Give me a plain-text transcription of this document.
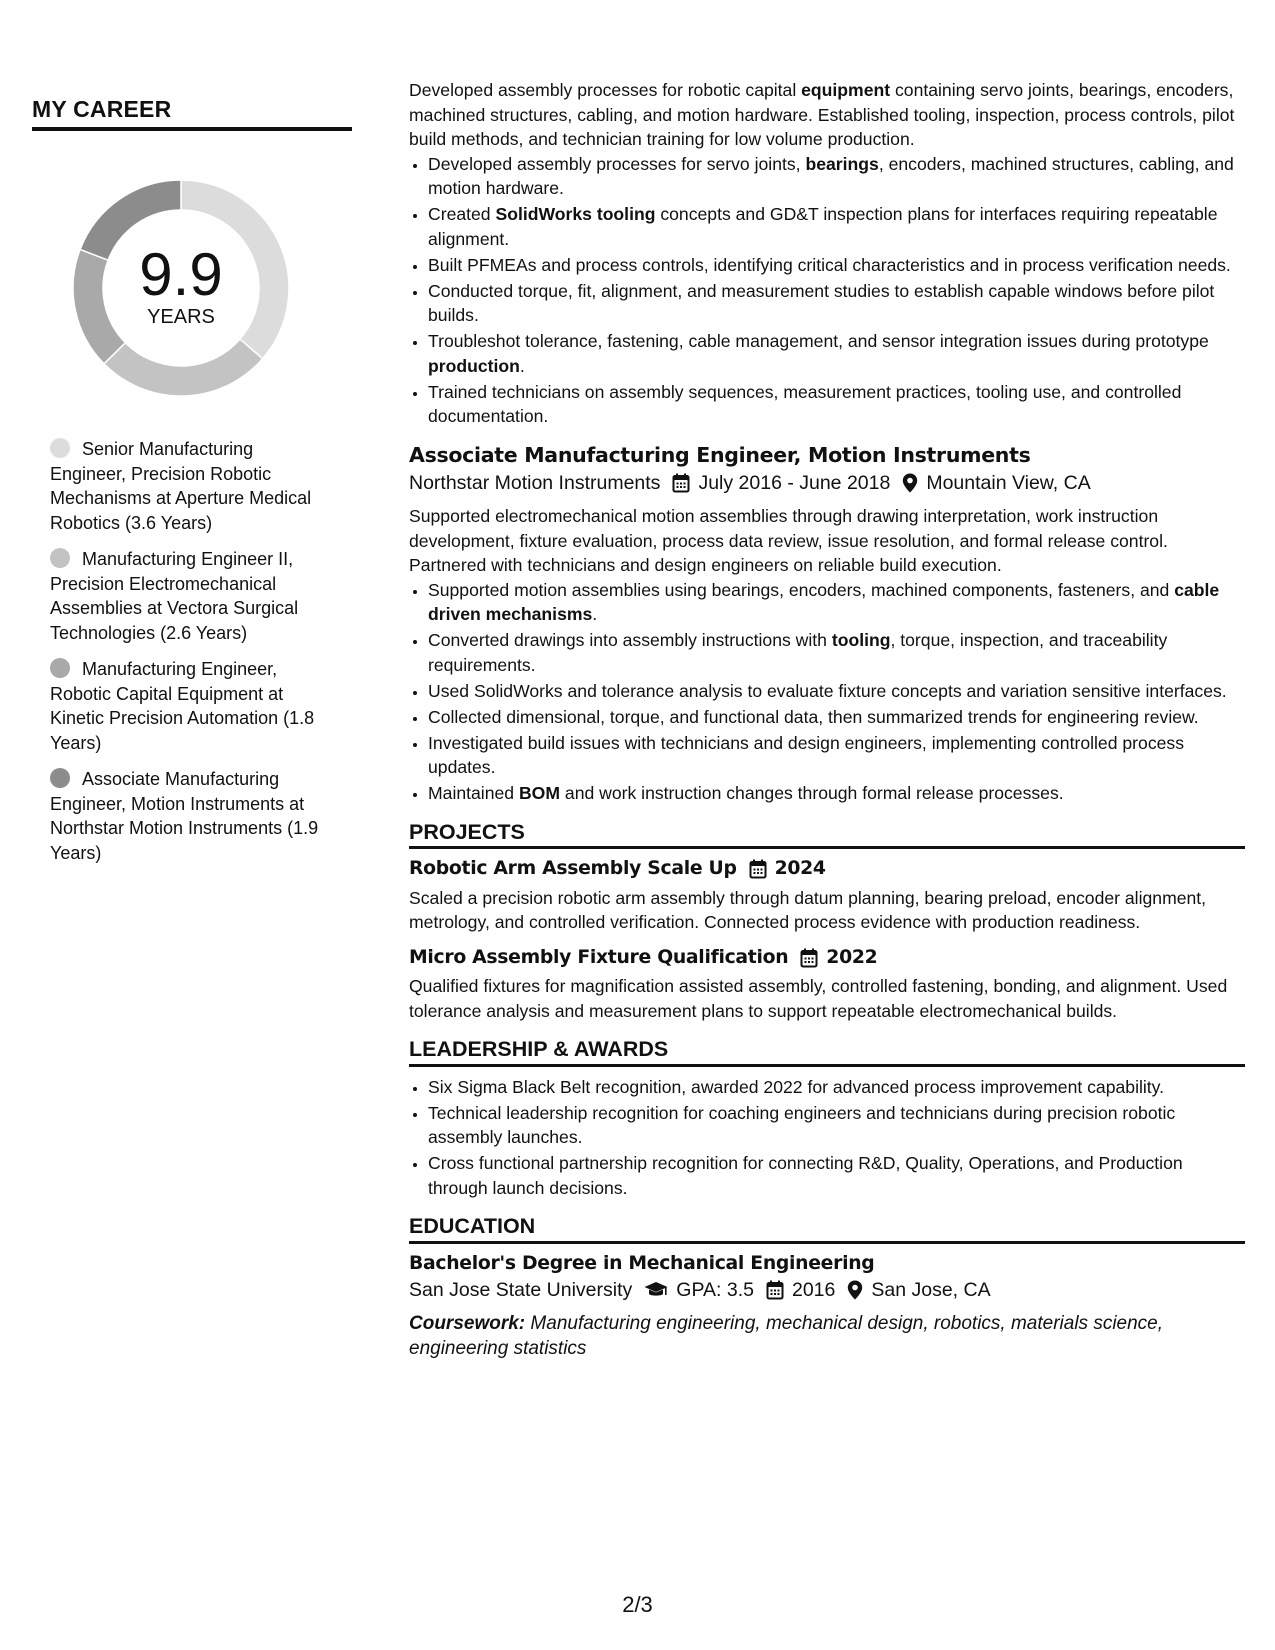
MY CAREER
9.9
YEARS
Senior Manufacturing Engineer, Precision Robotic Mechanisms at Aperture Medical Robotics (3.6 Years)
Manufacturing Engineer II, Precision Electromechanical Assemblies at Vectora Surgical Technologies (2.6 Years)
Manufacturing Engineer, Robotic Capital Equipment at Kinetic Precision Automation (1.8 Years)
Associate Manufacturing Engineer, Motion Instruments at Northstar Motion Instruments (1.9 Years)

Developed assembly processes for robotic capital equipment containing servo joints, bearings, encoders, machined structures, cabling, and motion hardware. Established tooling, inspection, process controls, pilot build methods, and technician training for low volume production.

• Developed assembly processes for servo joints, bearings, encoders, machined structures, cabling, and motion hardware.
• Created SolidWorks tooling concepts and GD&T inspection plans for interfaces requiring repeatable alignment.
• Built PFMEAs and process controls, identifying critical characteristics and in process verification needs.
• Conducted torque, fit, alignment, and measurement studies to establish capable windows before pilot builds.
• Troubleshot tolerance, fastening, cable management, and sensor integration issues during prototype production.
• Trained technicians on assembly sequences, measurement practices, tooling use, and controlled documentation.
Associate Manufacturing Engineer, Motion Instruments
Northstar Motion Instruments July 2016 - June 2018 Mountain View, CA

Supported electromechanical motion assemblies through drawing interpretation, work instruction development, fixture evaluation, process data review, issue resolution, and formal release control. Partnered with technicians and design engineers on reliable build execution.

• Supported motion assemblies using bearings, encoders, machined components, fasteners, and cable driven mechanisms.
• Converted drawings into assembly instructions with tooling, torque, inspection, and traceability requirements.
• Used SolidWorks and tolerance analysis to evaluate fixture concepts and variation sensitive interfaces.
• Collected dimensional, torque, and functional data, then summarized trends for engineering review.
• Investigated build issues with technicians and design engineers, implementing controlled process updates.
• Maintained BOM and work instruction changes through formal release processes.
PROJECTS
Robotic Arm Assembly Scale Up 2024

Scaled a precision robotic arm assembly through datum planning, bearing preload, encoder alignment, metrology, and controlled verification. Connected process evidence with production readiness.

Micro Assembly Fixture Qualification 2022

Qualified fixtures for magnification assisted assembly, controlled fastening, bonding, and alignment. Used tolerance analysis and measurement plans to support repeatable electromechanical builds.

LEADERSHIP & AWARDS
• Six Sigma Black Belt recognition, awarded 2022 for advanced process improvement capability.
• Technical leadership recognition for coaching engineers and technicians during precision robotic assembly launches.
• Cross functional partnership recognition for connecting R&D, Quality, Operations, and Production through launch decisions.
EDUCATION
Bachelor's Degree in Mechanical Engineering
San Jose State University GPA: 3.5 2016 San Jose, CA
Coursework: Manufacturing engineering, mechanical design, robotics, materials science, engineering statistics
2/3
